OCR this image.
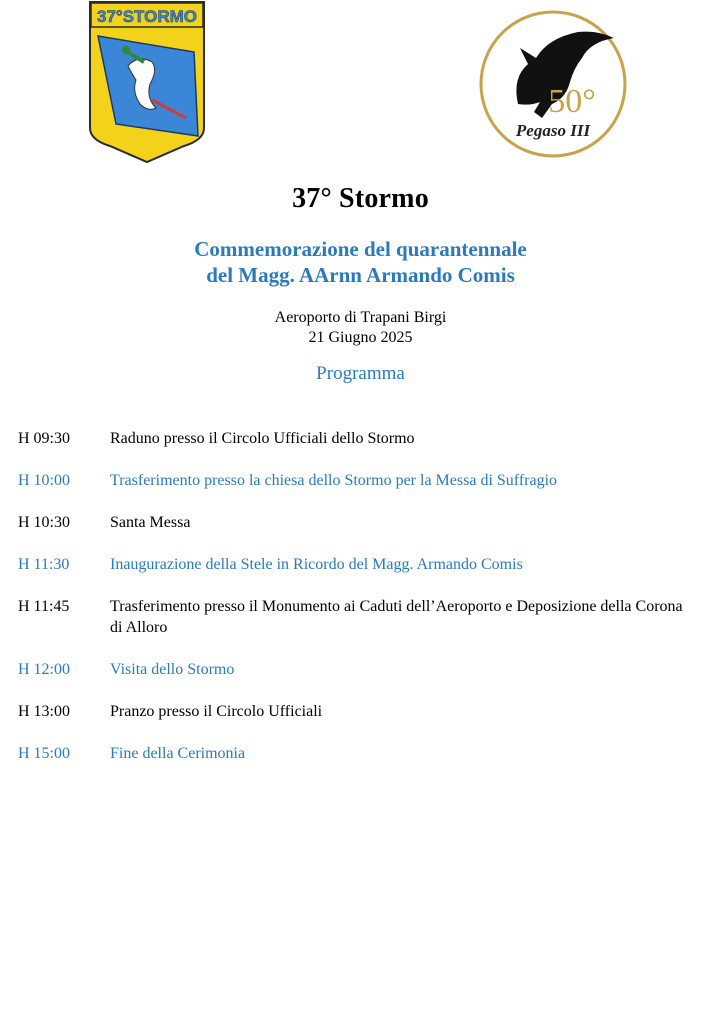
37°STORMO
50°
Pegaso III
37° Stormo
Commemorazione del quarantennale
del Magg. AArnn Armando Comis
Aeroporto di Trapani Birgi
21 Giugno 2025
Programma
H 09:30	Raduno presso il Circolo Ufficiali dello Stormo
H 10:00	Trasferimento presso la chiesa dello Stormo per la Messa di Suffragio
H 10:30	Santa Messa
H 11:30	Inaugurazione della Stele in Ricordo del Magg. Armando Comis
H 11:45	Trasferimento presso il Monumento ai Caduti dell’Aeroporto e Deposizione della Corona di Alloro
H 12:00	Visita dello Stormo
H 13:00	Pranzo presso il Circolo Ufficiali
H 15:00	Fine della Cerimonia
